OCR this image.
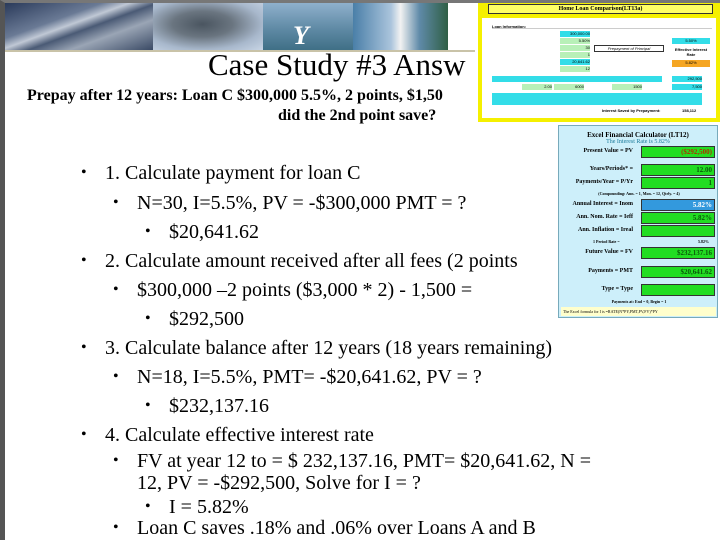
Y
Case Study #3 Answ
Prepay after 12 years: Loan C $300,000 5.5%, 2 points, $1,50
did the 2nd point save?
• 1. Calculate payment for loan C
• N=30, I=5.5%, PV = -$300,000 PMT = ?
• $20,641.62
• 2. Calculate amount received after all fees (2 points
• $300,000 –2 points ($3,000 * 2) - 1,500 =
• $292,500
• 3. Calculate balance after 12 years (18 years remaining)
• N=18, I=5.5%, PMT= -$20,641.62, PV = ?
• $232,137.16
• 4. Calculate effective interest rate
• FV at year 12 to = $ 232,137.16, PMT= $20,641.62, N =
12, PV = -$292,500, Solve for I = ?
• I = 5.82%
• Loan C saves .18% and .06% over Loans A and B
Home Loan Comparison(LT13a)
Loan Information:
300,000.00
5.50%
30
1
20,641.62
12
Prepayment of Principal
5.50%
Effective Interest Rate
5.82%
292,500
2.00	6000	1500	7,500
Interest Saved by Prepayment:	158,112
Excel Financial Calculator (LT12)
The Interest Rate is 5.82%
Present Value = PV	($292,500)
Years/Periods* =	12.00
Payments/Year = P/Yr	1
Annual Interest = Inom	5.82%
Ann. Nom. Rate = Ieff	5.82%
Ann. Inflation = Ireal
Future Value = FV	$232,137.16
Payments = PMT	$20,641.62
Type = Type
(Compounding: Ann. = 1, Mon. = 12, Qtrly. = 4)
1 Period Rate =	5.82%
Payments at: End = 0, Begin = 1
The Excel formula for I is =RATE(N*PY,PMT,PV,FV)*PY
